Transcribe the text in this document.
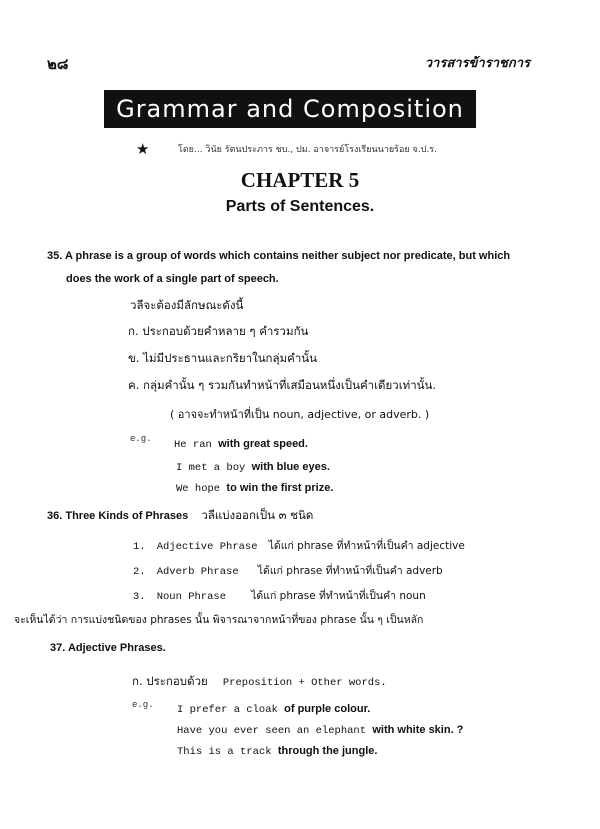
๒๘	วารสารข้าราชการ
Grammar and Composition
★	โดย... วินัย รัตนประภาร ชบ., ปม. อาจารย์โรงเรียนนายร้อย จ.ป.ร.
CHAPTER 5
Parts of Sentences.
35. A phrase is a group of words which contains neither subject nor predicate, but which
does the work of a single part of speech.
วลีจะต้องมีลักษณะดังนี้
ก. ประกอบด้วยคำหลาย ๆ คำรวมกัน
ข. ไม่มีประธานและกริยาในกลุ่มคำนั้น
ค. กลุ่มคำนั้น ๆ รวมกันทำหน้าที่เสมือนหนึ่งเป็นคำเดียวเท่านั้น.
( อาจจะทำหน้าที่เป็น noun, adjective, or adverb. )
e.g. He ran with great speed.
I met a boy with blue eyes.
We hope to win the first prize.
36. Three Kinds of Phrases วลีแบ่งออกเป็น ๓ ชนิด
1. Adjective Phrase ได้แก่ phrase ที่ทำหน้าที่เป็นคำ adjective
2. Adverb Phrase ได้แก่ phrase ที่ทำหน้าที่เป็นคำ adverb
3. Noun Phrase ได้แก่ phrase ที่ทำหน้าที่เป็นคำ noun
จะเห็นได้ว่า การแบ่งชนิดของ phrases นั้น พิจารณาจากหน้าที่ของ phrase นั้น ๆ เป็นหลัก
37. Adjective Phrases.
ก. ประกอบด้วย Preposition + Other words.
e.g. I prefer a cloak of purple colour.
Have you ever seen an elephant with white skin. ?
This is a track through the jungle.
